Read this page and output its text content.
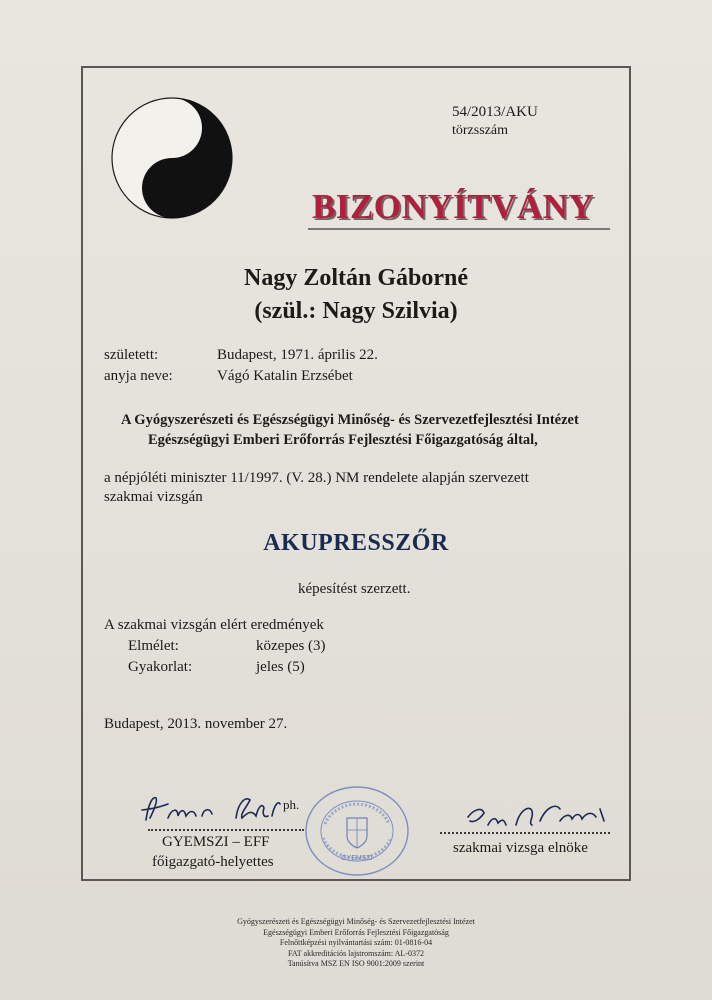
54/2013/AKU
törzsszám
BIZONYÍTVÁNY
Nagy Zoltán Gáborné
(szül.: Nagy Szilvia)
született:	Budapest, 1971. április 22.
anyja neve:	Vágó Katalin Erzsébet
A Gyógyszerészeti és Egészségügyi Minőség- és Szervezetfejlesztési Intézet
Egészségügyi Emberi Erőforrás Fejlesztési Főigazgatóság által,
a népjóléti miniszter 11/1997. (V. 28.) NM rendelete alapján szervezett
szakmai vizsgán
AKUPRESSZŐR
képesítést szerzett.
A szakmai vizsgán elért eredmények
Elmélet:	közepes (3)
Gyakorlat:	jeles (5)
Budapest, 2013. november 27.
ph.
GYEMSZI – EFF
főigazgató-helyettes	GYEMSZI
szakmai vizsga elnöke
Gyógyszerészeti és Egészségügyi Minőség- és Szervezetfejlesztési Intézet
Egészségügyi Emberi Erőforrás Fejlesztési Főigazgatóság
Felnőttképzési nyilvántartási szám: 01-0816-04
FAT akkreditációs lajstromszám: AL-0372
Tanúsítva MSZ EN ISO 9001:2009 szerint
